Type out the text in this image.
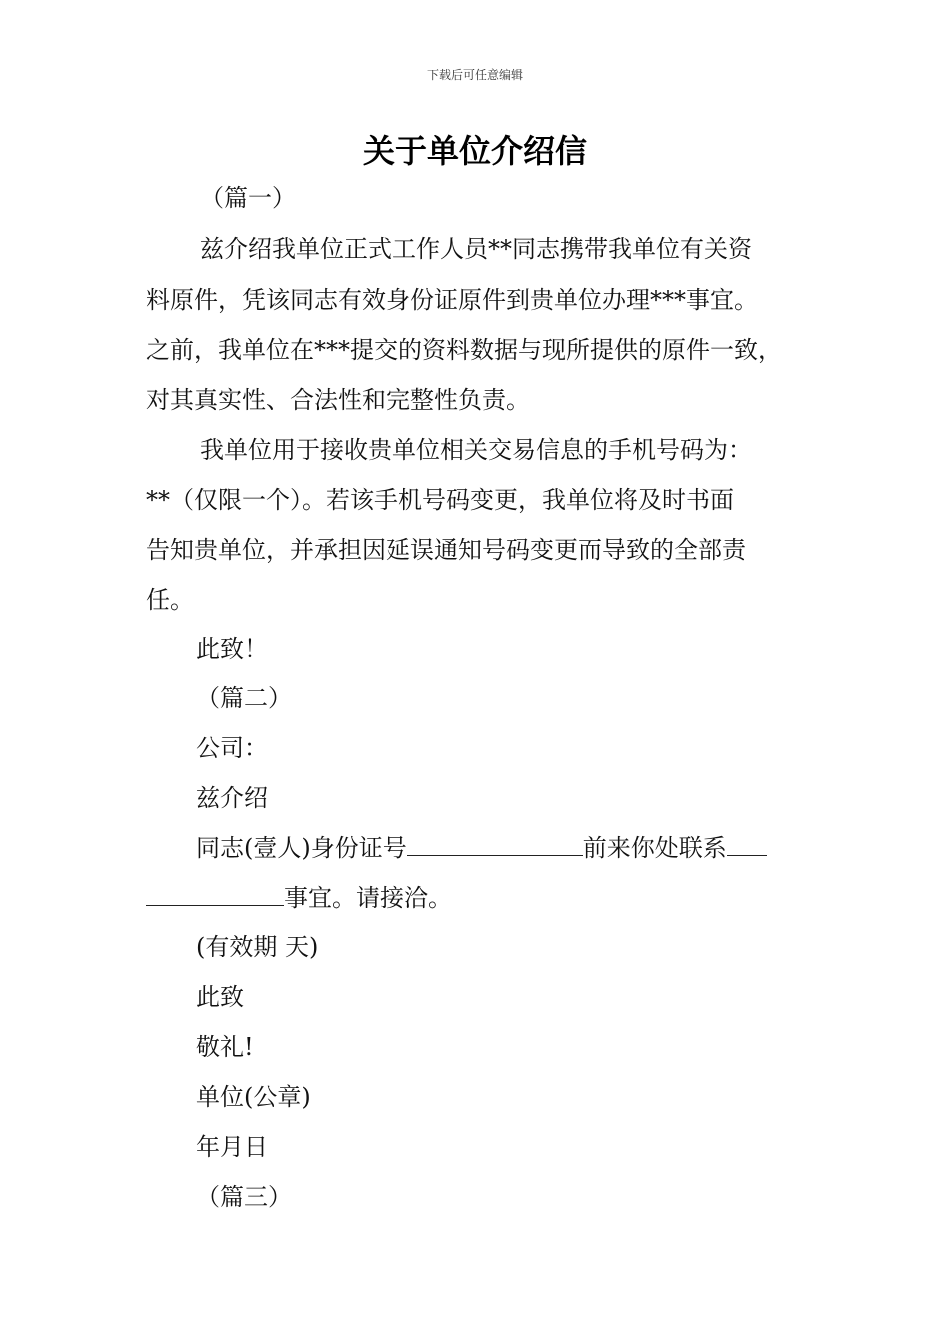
下载后可任意编辑
关于单位介绍信
（篇一）
兹介绍我单位正式工作人员**同志携带我单位有关资
料原件，凭该同志有效身份证原件到贵单位办理***事宜。
之前，我单位在***提交的资料数据与现所提供的原件一致，
对其真实性、合法性和完整性负责。
我单位用于接收贵单位相关交易信息的手机号码为：
**（仅限一个）。若该手机号码变更，我单位将及时书面
告知贵单位，并承担因延误通知号码变更而导致的全部责
任。
此致！
（篇二）
公司：
兹介绍
同志(壹人)身份证号	前来你处联系
事宜。请接洽。
(有效期 天)
此致
敬礼!
单位(公章)
年月日
（篇三）
